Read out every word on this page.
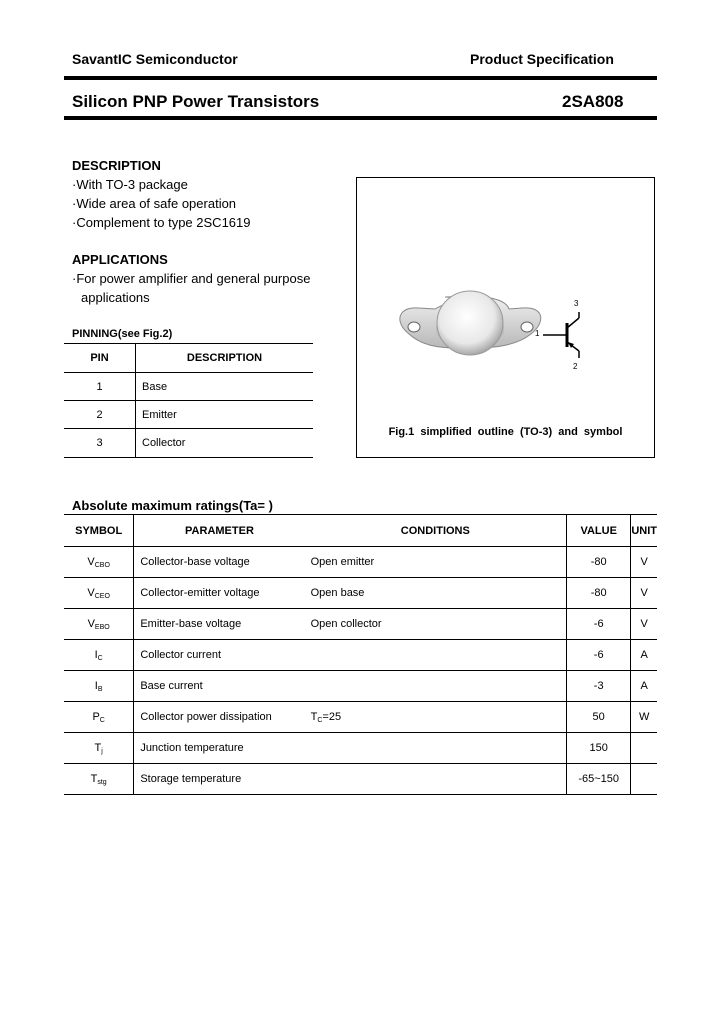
SavantIC Semiconductor	Product Specification
Silicon PNP Power Transistors	2SA808
DESCRIPTION
·With TO-3 package
·Wide area of safe operation
·Complement to type 2SC1619
APPLICATIONS
·For power amplifier and general purpose
applications
PINNING(see Fig.2)
PIN	DESCRIPTION
1	Base
2	Emitter
3	Collector
1
3
2
Fig.1  simplified  outline  (TO-3)  and  symbol
Absolute maximum ratings(Ta= )
SYMBOL	PARAMETER	CONDITIONS	VALUE	UNIT
$V_{CBO}$	Collector-base voltage	Open emitter	-80	V
$V_{CEO}$	Collector-emitter voltage	Open base	-80	V
$V_{EBO}$	Emitter-base voltage	Open collector	-6	V
$I_C$	Collector current		-6	A
$I_B$	Base current		-3	A
$P_C$	Collector power dissipation	$T_C=25$	50	W
$T_j$	Junction temperature		150	
$T_{stg}$	Storage temperature		-65~150	
